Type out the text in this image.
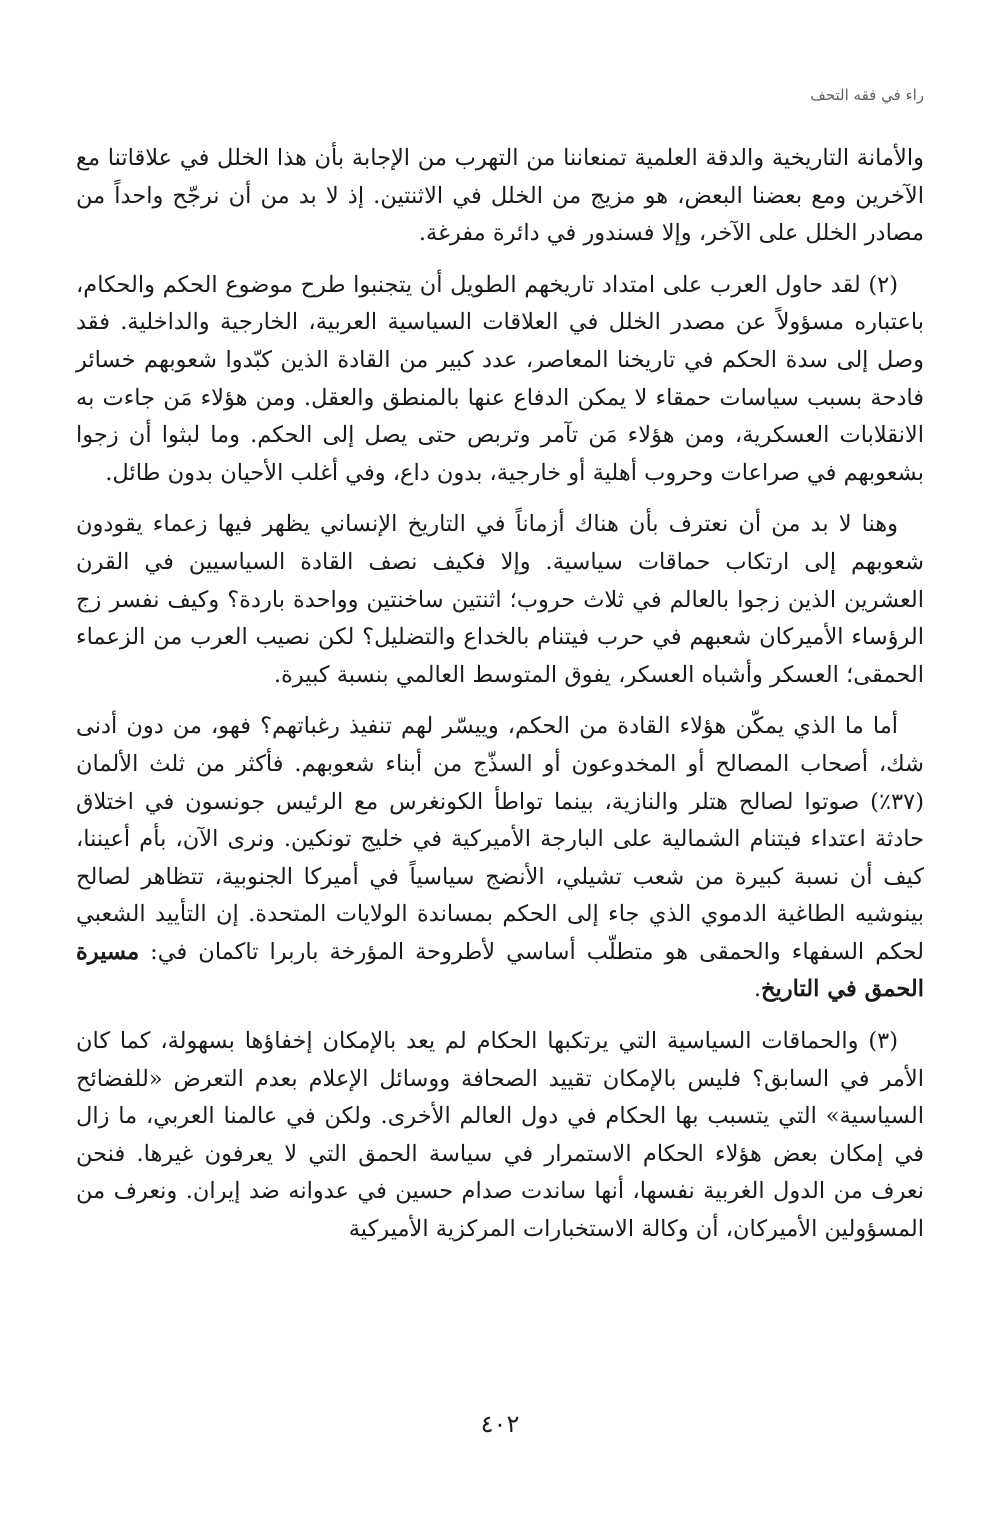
راء في فقه التحف

والأمانة التاريخية والدقة العلمية تمنعاننا من التهرب من الإجابة بأن هذا الخلل في علاقاتنا مع الآخرين ومع بعضنا البعض، هو مزيج من الخلل في الاثنتين. إذ لا بد من أن نرجّح واحداً من مصادر الخلل على الآخر، وإلا فسندور في دائرة مفرغة.

(٢) لقد حاول العرب على امتداد تاريخهم الطويل أن يتجنبوا طرح موضوع الحكم والحكام، باعتباره مسؤولاً عن مصدر الخلل في العلاقات السياسية العربية، الخارجية والداخلية. فقد وصل إلى سدة الحكم في تاريخنا المعاصر، عدد كبير من القادة الذين كبّدوا شعوبهم خسائر فادحة بسبب سياسات حمقاء لا يمكن الدفاع عنها بالمنطق والعقل. ومن هؤلاء مَن جاءت به الانقلابات العسكرية، ومن هؤلاء مَن تآمر وتربص حتى يصل إلى الحكم. وما لبثوا أن زجوا بشعوبهم في صراعات وحروب أهلية أو خارجية، بدون داع، وفي أغلب الأحيان بدون طائل.

وهنا لا بد من أن نعترف بأن هناك أزماناً في التاريخ الإنساني يظهر فيها زعماء يقودون شعوبهم إلى ارتكاب حماقات سياسية. وإلا فكيف نصف القادة السياسيين في القرن العشرين الذين زجوا بالعالم في ثلاث حروب؛ اثنتين ساخنتين وواحدة باردة؟ وكيف نفسر زج الرؤساء الأميركان شعبهم في حرب فيتنام بالخداع والتضليل؟ لكن نصيب العرب من الزعماء الحمقى؛ العسكر وأشباه العسكر، يفوق المتوسط العالمي بنسبة كبيرة.

أما ما الذي يمكّن هؤلاء القادة من الحكم، وييسّر لهم تنفيذ رغباتهم؟ فهو، من دون أدنى شك، أصحاب المصالح أو المخدوعون أو السذّج من أبناء شعوبهم. فأكثر من ثلث الألمان (٣٧٪) صوتوا لصالح هتلر والنازية، بينما تواطأ الكونغرس مع الرئيس جونسون في اختلاق حادثة اعتداء فيتنام الشمالية على البارجة الأميركية في خليج تونكين. ونرى الآن، بأم أعيننا، كيف أن نسبة كبيرة من شعب تشيلي، الأنضج سياسياً في أميركا الجنوبية، تتظاهر لصالح بينوشيه الطاغية الدموي الذي جاء إلى الحكم بمساندة الولايات المتحدة. إن التأييد الشعبي لحكم السفهاء والحمقى هو متطلّب أساسي لأطروحة المؤرخة باربرا تاكمان في: مسيرة الحمق في التاريخ.

(٣) والحماقات السياسية التي يرتكبها الحكام لم يعد بالإمكان إخفاؤها بسهولة، كما كان الأمر في السابق؟ فليس بالإمكان تقييد الصحافة ووسائل الإعلام بعدم التعرض «للفضائح السياسية» التي يتسبب بها الحكام في دول العالم الأخرى. ولكن في عالمنا العربي، ما زال في إمكان بعض هؤلاء الحكام الاستمرار في سياسة الحمق التي لا يعرفون غيرها. فنحن نعرف من الدول الغربية نفسها، أنها ساندت صدام حسين في عدوانه ضد إيران. ونعرف من المسؤولين الأميركان، أن وكالة الاستخبارات المركزية الأميركية

٤٠٢
